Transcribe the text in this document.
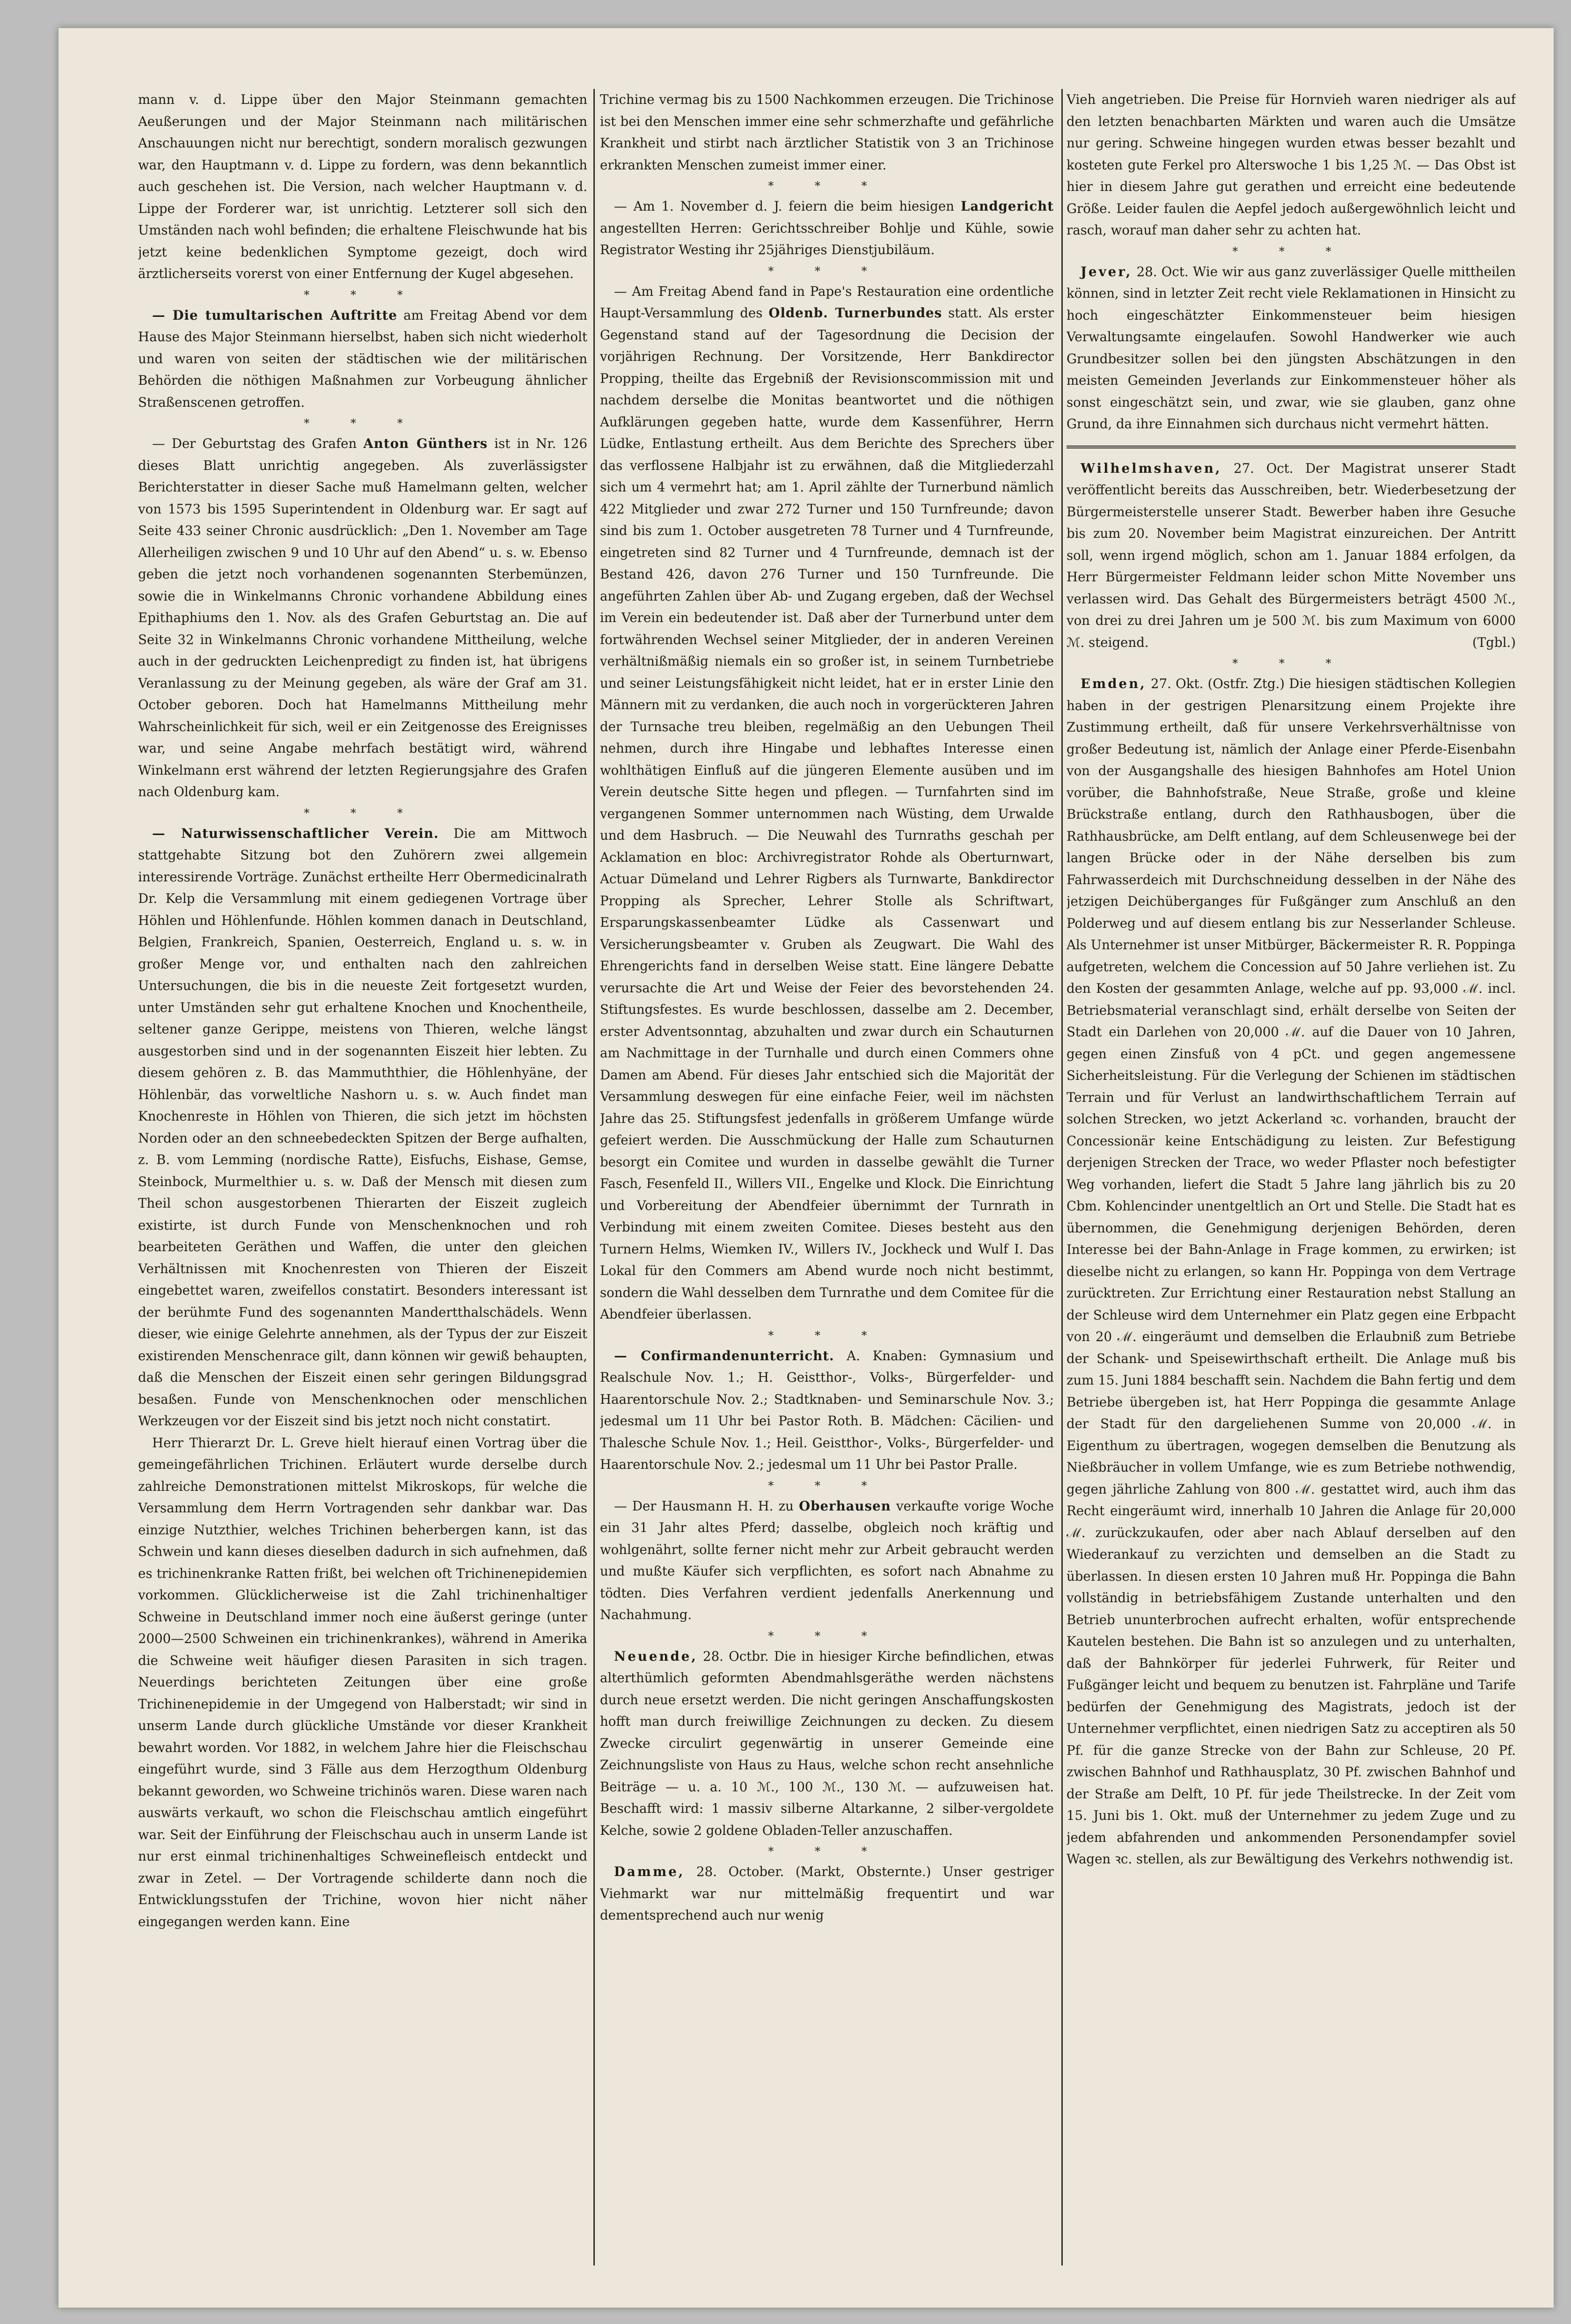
mann v. d. Lippe über den Major Steinmann gemachten Aeußerungen und der Major Steinmann nach militärischen Anschauungen nicht nur berechtigt, sondern moralisch gezwungen war, den Hauptmann v. d. Lippe zu fordern, was denn bekanntlich auch geschehen ist. Die Version, nach welcher Hauptmann v. d. Lippe der Forderer war, ist unrichtig. Letzterer soll sich den Umständen nach wohl befinden; die erhaltene Fleischwunde hat bis jetzt keine bedenklichen Symptome gezeigt, doch wird ärztlicherseits vorerst von einer Entfernung der Kugel abgesehen.

* * *

— Die tumultarischen Auftritte am Freitag Abend vor dem Hause des Major Steinmann hierselbst, haben sich nicht wiederholt und waren von seiten der städtischen wie der militärischen Behörden die nöthigen Maßnahmen zur Vorbeugung ähnlicher Straßenscenen getroffen.

* * *

— Der Geburtstag des Grafen Anton Günthers ist in Nr. 126 dieses Blatt unrichtig angegeben. Als zuverlässigster Berichterstatter in dieser Sache muß Hamelmann gelten, welcher von 1573 bis 1595 Superintendent in Oldenburg war. Er sagt auf Seite 433 seiner Chronic ausdrücklich: „Den 1. November am Tage Allerheiligen zwischen 9 und 10 Uhr auf den Abend“ u. s. w. Ebenso geben die jetzt noch vorhandenen sogenannten Sterbemünzen, sowie die in Winkelmanns Chronic vorhandene Abbildung eines Epithaphiums den 1. Nov. als des Grafen Geburtstag an. Die auf Seite 32 in Winkelmanns Chronic vorhandene Mittheilung, welche auch in der gedruckten Leichenpredigt zu finden ist, hat übrigens Veranlassung zu der Meinung gegeben, als wäre der Graf am 31. October geboren. Doch hat Hamelmanns Mittheilung mehr Wahrscheinlichkeit für sich, weil er ein Zeitgenosse des Ereignisses war, und seine Angabe mehrfach bestätigt wird, während Winkelmann erst während der letzten Regierungsjahre des Grafen nach Oldenburg kam.

* * *

— Naturwissenschaftlicher Verein. Die am Mittwoch stattgehabte Sitzung bot den Zuhörern zwei allgemein interessirende Vorträge. Zunächst ertheilte Herr Obermedicinalrath Dr. Kelp die Versammlung mit einem gediegenen Vortrage über Höhlen und Höhlenfunde. Höhlen kommen danach in Deutschland, Belgien, Frankreich, Spanien, Oesterreich, England u. s. w. in großer Menge vor, und enthalten nach den zahlreichen Untersuchungen, die bis in die neueste Zeit fortgesetzt wurden, unter Umständen sehr gut erhaltene Knochen und Knochentheile, seltener ganze Gerippe, meistens von Thieren, welche längst ausgestorben sind und in der sogenannten Eiszeit hier lebten. Zu diesem gehören z. B. das Mammuththier, die Höhlenhyäne, der Höhlenbär, das vorweltliche Nashorn u. s. w. Auch findet man Knochenreste in Höhlen von Thieren, die sich jetzt im höchsten Norden oder an den schneebedeckten Spitzen der Berge aufhalten, z. B. vom Lemming (nordische Ratte), Eisfuchs, Eishase, Gemse, Steinbock, Murmelthier u. s. w. Daß der Mensch mit diesen zum Theil schon ausgestorbenen Thierarten der Eiszeit zugleich existirte, ist durch Funde von Menschenknochen und roh bearbeiteten Geräthen und Waffen, die unter den gleichen Verhältnissen mit Knochenresten von Thieren der Eiszeit eingebettet waren, zweifellos constatirt. Besonders interessant ist der berühmte Fund des sogenannten Mandertthalschädels. Wenn dieser, wie einige Gelehrte annehmen, als der Typus der zur Eiszeit existirenden Menschenrace gilt, dann können wir gewiß behaupten, daß die Menschen der Eiszeit einen sehr geringen Bildungsgrad besaßen. Funde von Menschenknochen oder menschlichen Werkzeugen vor der Eiszeit sind bis jetzt noch nicht constatirt.

Herr Thierarzt Dr. L. Greve hielt hierauf einen Vortrag über die gemeingefährlichen Trichinen. Erläutert wurde derselbe durch zahlreiche Demonstrationen mittelst Mikroskops, für welche die Versammlung dem Herrn Vortragenden sehr dankbar war. Das einzige Nutzthier, welches Trichinen beherbergen kann, ist das Schwein und kann dieses dieselben dadurch in sich aufnehmen, daß es trichinenkranke Ratten frißt, bei welchen oft Trichinenepidemien vorkommen. Glücklicherweise ist die Zahl trichinenhaltiger Schweine in Deutschland immer noch eine äußerst geringe (unter 2000—2500 Schweinen ein trichinenkrankes), während in Amerika die Schweine weit häufiger diesen Parasiten in sich tragen. Neuerdings berichteten Zeitungen über eine große Trichinenepidemie in der Umgegend von Halberstadt; wir sind in unserm Lande durch glückliche Umstände vor dieser Krankheit bewahrt worden. Vor 1882, in welchem Jahre hier die Fleischschau eingeführt wurde, sind 3 Fälle aus dem Herzogthum Oldenburg bekannt geworden, wo Schweine trichinös waren. Diese waren nach auswärts verkauft, wo schon die Fleischschau amtlich eingeführt war. Seit der Einführung der Fleischschau auch in unserm Lande ist nur erst einmal trichinenhaltiges Schweinefleisch entdeckt und zwar in Zetel. — Der Vortragende schilderte dann noch die Entwicklungsstufen der Trichine, wovon hier nicht näher eingegangen werden kann. Eine

Trichine vermag bis zu 1500 Nachkommen erzeugen. Die Trichinose ist bei den Menschen immer eine sehr schmerzhafte und gefährliche Krankheit und stirbt nach ärztlicher Statistik von 3 an Trichinose erkrankten Menschen zumeist immer einer.

* * *

— Am 1. November d. J. feiern die beim hiesigen Landgericht angestellten Herren: Gerichtsschreiber Bohlje und Kühle, sowie Registrator Westing ihr 25jähriges Dienstjubiläum.

* * *

— Am Freitag Abend fand in Pape's Restauration eine ordentliche Haupt-Versammlung des Oldenb. Turnerbundes statt. Als erster Gegenstand stand auf der Tagesordnung die Decision der vorjährigen Rechnung. Der Vorsitzende, Herr Bankdirector Propping, theilte das Ergebniß der Revisionscommission mit und nachdem derselbe die Monitas beantwortet und die nöthigen Aufklärungen gegeben hatte, wurde dem Kassenführer, Herrn Lüdke, Entlastung ertheilt. Aus dem Berichte des Sprechers über das verflossene Halbjahr ist zu erwähnen, daß die Mitgliederzahl sich um 4 vermehrt hat; am 1. April zählte der Turnerbund nämlich 422 Mitglieder und zwar 272 Turner und 150 Turnfreunde; davon sind bis zum 1. October ausgetreten 78 Turner und 4 Turnfreunde, eingetreten sind 82 Turner und 4 Turnfreunde, demnach ist der Bestand 426, davon 276 Turner und 150 Turnfreunde. Die angeführten Zahlen über Ab- und Zugang ergeben, daß der Wechsel im Verein ein bedeutender ist. Daß aber der Turnerbund unter dem fortwährenden Wechsel seiner Mitglieder, der in anderen Vereinen verhältnißmäßig niemals ein so großer ist, in seinem Turnbetriebe und seiner Leistungsfähigkeit nicht leidet, hat er in erster Linie den Männern mit zu verdanken, die auch noch in vorgerückteren Jahren der Turnsache treu bleiben, regelmäßig an den Uebungen Theil nehmen, durch ihre Hingabe und lebhaftes Interesse einen wohlthätigen Einfluß auf die jüngeren Elemente ausüben und im Verein deutsche Sitte hegen und pflegen. — Turnfahrten sind im vergangenen Sommer unternommen nach Wüsting, dem Urwalde und dem Hasbruch. — Die Neuwahl des Turnraths geschah per Acklamation en bloc: Archivregistrator Rohde als Oberturnwart, Actuar Dümeland und Lehrer Rigbers als Turnwarte, Bankdirector Propping als Sprecher, Lehrer Stolle als Schriftwart, Ersparungskassenbeamter Lüdke als Cassenwart und Versicherungsbeamter v. Gruben als Zeugwart. Die Wahl des Ehrengerichts fand in derselben Weise statt. Eine längere Debatte verursachte die Art und Weise der Feier des bevorstehenden 24. Stiftungsfestes. Es wurde beschlossen, dasselbe am 2. December, erster Adventsonntag, abzuhalten und zwar durch ein Schauturnen am Nachmittage in der Turnhalle und durch einen Commers ohne Damen am Abend. Für dieses Jahr entschied sich die Majorität der Versammlung deswegen für eine einfache Feier, weil im nächsten Jahre das 25. Stiftungsfest jedenfalls in größerem Umfange würde gefeiert werden. Die Ausschmückung der Halle zum Schauturnen besorgt ein Comitee und wurden in dasselbe gewählt die Turner Fasch, Fesenfeld II., Willers VII., Engelke und Klock. Die Einrichtung und Vorbereitung der Abendfeier übernimmt der Turnrath in Verbindung mit einem zweiten Comitee. Dieses besteht aus den Turnern Helms, Wiemken IV., Willers IV., Jockheck und Wulf I. Das Lokal für den Commers am Abend wurde noch nicht bestimmt, sondern die Wahl desselben dem Turnrathe und dem Comitee für die Abendfeier überlassen.

* * *

— Confirmandenunterricht. A. Knaben: Gymnasium und Realschule Nov. 1.; H. Geistthor-, Volks-, Bürgerfelder- und Haarentorschule Nov. 2.; Stadtknaben- und Seminarschule Nov. 3.; jedesmal um 11 Uhr bei Pastor Roth. B. Mädchen: Cäcilien- und Thalesche Schule Nov. 1.; Heil. Geistthor-, Volks-, Bürgerfelder- und Haarentorschule Nov. 2.; jedesmal um 11 Uhr bei Pastor Pralle.

* * *

— Der Hausmann H. H. zu Oberhausen verkaufte vorige Woche ein 31 Jahr altes Pferd; dasselbe, obgleich noch kräftig und wohlgenährt, sollte ferner nicht mehr zur Arbeit gebraucht werden und mußte Käufer sich verpflichten, es sofort nach Abnahme zu tödten. Dies Verfahren verdient jedenfalls Anerkennung und Nachahmung.

* * *

Neuende, 28. Octbr. Die in hiesiger Kirche befindlichen, etwas alterthümlich geformten Abendmahlsgeräthe werden nächstens durch neue ersetzt werden. Die nicht geringen Anschaffungskosten hofft man durch freiwillige Zeichnungen zu decken. Zu diesem Zwecke circulirt gegenwärtig in unserer Gemeinde eine Zeichnungsliste von Haus zu Haus, welche schon recht ansehnliche Beiträge — u. a. 10 ℳ., 100 ℳ., 130 ℳ. — aufzuweisen hat. Beschafft wird: 1 massiv silberne Altarkanne, 2 silber-vergoldete Kelche, sowie 2 goldene Obladen-Teller anzuschaffen.

* * *

Damme, 28. October. (Markt, Obsternte.) Unser gestriger Viehmarkt war nur mittelmäßig frequentirt und war dementsprechend auch nur wenig

Vieh angetrieben. Die Preise für Hornvieh waren niedriger als auf den letzten benachbarten Märkten und waren auch die Umsätze nur gering. Schweine hingegen wurden etwas besser bezahlt und kosteten gute Ferkel pro Alterswoche 1 bis 1,25 ℳ. — Das Obst ist hier in diesem Jahre gut gerathen und erreicht eine bedeutende Größe. Leider faulen die Aepfel jedoch außergewöhnlich leicht und rasch, worauf man daher sehr zu achten hat.

* * *

Jever, 28. Oct. Wie wir aus ganz zuverlässiger Quelle mittheilen können, sind in letzter Zeit recht viele Reklamationen in Hinsicht zu hoch eingeschätzter Einkommensteuer beim hiesigen Verwaltungsamte eingelaufen. Sowohl Handwerker wie auch Grundbesitzer sollen bei den jüngsten Abschätzungen in den meisten Gemeinden Jeverlands zur Einkommensteuer höher als sonst eingeschätzt sein, und zwar, wie sie glauben, ganz ohne Grund, da ihre Einnahmen sich durchaus nicht vermehrt hätten.

Wilhelmshaven, 27. Oct. Der Magistrat unserer Stadt veröffentlicht bereits das Ausschreiben, betr. Wiederbesetzung der Bürgermeisterstelle unserer Stadt. Bewerber haben ihre Gesuche bis zum 20. November beim Magistrat einzureichen. Der Antritt soll, wenn irgend möglich, schon am 1. Januar 1884 erfolgen, da Herr Bürgermeister Feldmann leider schon Mitte November uns verlassen wird. Das Gehalt des Bürgermeisters beträgt 4500 ℳ., von drei zu drei Jahren um je 500 ℳ. bis zum Maximum von 6000 ℳ. steigend.	(Tgbl.)

* * *

Emden, 27. Okt. (Ostfr. Ztg.) Die hiesigen städtischen Kollegien haben in der gestrigen Plenarsitzung einem Projekte ihre Zustimmung ertheilt, daß für unsere Verkehrsverhältnisse von großer Bedeutung ist, nämlich der Anlage einer Pferde-Eisenbahn von der Ausgangshalle des hiesigen Bahnhofes am Hotel Union vorüber, die Bahnhofstraße, Neue Straße, große und kleine Brückstraße entlang, durch den Rathhausbogen, über die Rathhausbrücke, am Delft entlang, auf dem Schleusenwege bei der langen Brücke oder in der Nähe derselben bis zum Fahrwasserdeich mit Durchschneidung desselben in der Nähe des jetzigen Deichüberganges für Fußgänger zum Anschluß an den Polderweg und auf diesem entlang bis zur Nesserlander Schleuse. Als Unternehmer ist unser Mitbürger, Bäckermeister R. R. Poppinga aufgetreten, welchem die Concession auf 50 Jahre verliehen ist. Zu den Kosten der gesammten Anlage, welche auf pp. 93,000 ℳ. incl. Betriebsmaterial veranschlagt sind, erhält derselbe von Seiten der Stadt ein Darlehen von 20,000 ℳ. auf die Dauer von 10 Jahren, gegen einen Zinsfuß von 4 pCt. und gegen angemessene Sicherheitsleistung. Für die Verlegung der Schienen im städtischen Terrain und für Verlust an landwirthschaftlichem Terrain auf solchen Strecken, wo jetzt Ackerland ꝛc. vorhanden, braucht der Concessionär keine Entschädigung zu leisten. Zur Befestigung derjenigen Strecken der Trace, wo weder Pflaster noch befestigter Weg vorhanden, liefert die Stadt 5 Jahre lang jährlich bis zu 20 Cbm. Kohlencinder unentgeltlich an Ort und Stelle. Die Stadt hat es übernommen, die Genehmigung derjenigen Behörden, deren Interesse bei der Bahn-Anlage in Frage kommen, zu erwirken; ist dieselbe nicht zu erlangen, so kann Hr. Poppinga von dem Vertrage zurücktreten. Zur Errichtung einer Restauration nebst Stallung an der Schleuse wird dem Unternehmer ein Platz gegen eine Erbpacht von 20 ℳ. eingeräumt und demselben die Erlaubniß zum Betriebe der Schank- und Speisewirthschaft ertheilt. Die Anlage muß bis zum 15. Juni 1884 beschafft sein. Nachdem die Bahn fertig und dem Betriebe übergeben ist, hat Herr Poppinga die gesammte Anlage der Stadt für den dargeliehenen Summe von 20,000 ℳ. in Eigenthum zu übertragen, wogegen demselben die Benutzung als Nießbräucher in vollem Umfange, wie es zum Betriebe nothwendig, gegen jährliche Zahlung von 800 ℳ. gestattet wird, auch ihm das Recht eingeräumt wird, innerhalb 10 Jahren die Anlage für 20,000 ℳ. zurückzukaufen, oder aber nach Ablauf derselben auf den Wiederankauf zu verzichten und demselben an die Stadt zu überlassen. In diesen ersten 10 Jahren muß Hr. Poppinga die Bahn vollständig in betriebsfähigem Zustande unterhalten und den Betrieb ununterbrochen aufrecht erhalten, wofür entsprechende Kautelen bestehen. Die Bahn ist so anzulegen und zu unterhalten, daß der Bahnkörper für jederlei Fuhrwerk, für Reiter und Fußgänger leicht und bequem zu benutzen ist. Fahrpläne und Tarife bedürfen der Genehmigung des Magistrats, jedoch ist der Unternehmer verpflichtet, einen niedrigen Satz zu acceptiren als 50 Pf. für die ganze Strecke von der Bahn zur Schleuse, 20 Pf. zwischen Bahnhof und Rathhausplatz, 30 Pf. zwischen Bahnhof und der Straße am Delft, 10 Pf. für jede Theilstrecke. In der Zeit vom 15. Juni bis 1. Okt. muß der Unternehmer zu jedem Zuge und zu jedem abfahrenden und ankommenden Personendampfer soviel Wagen ꝛc. stellen, als zur Bewältigung des Verkehrs nothwendig ist.
